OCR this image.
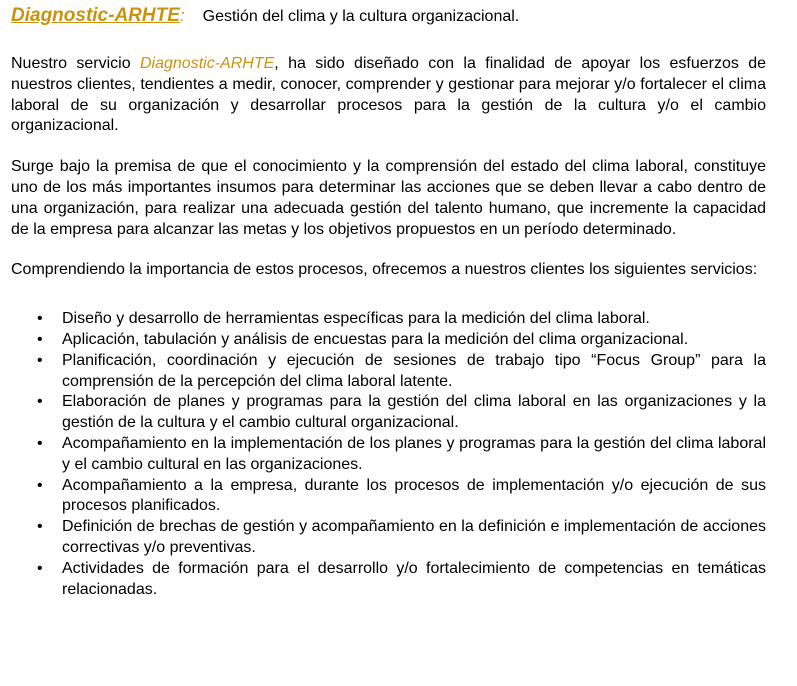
Diagnostic-ARHTE: Gestión del clima y la cultura organizacional.

Nuestro servicio Diagnostic-ARHTE, ha sido diseñado con la finalidad de apoyar los esfuerzos de nuestros clientes, tendientes a medir, conocer, comprender y gestionar para mejorar y/o fortalecer el clima laboral de su organización y desarrollar procesos para la gestión de la cultura y/o el cambio organizacional.

Surge bajo la premisa de que el conocimiento y la comprensión del estado del clima laboral, constituye uno de los más importantes insumos para determinar las acciones que se deben llevar a cabo dentro de una organización, para realizar una adecuada gestión del talento humano, que incremente la capacidad de la empresa para alcanzar las metas y los objetivos propuestos en un período determinado.

Comprendiendo la importancia de estos procesos, ofrecemos a nuestros clientes los siguientes servicios:

• Diseño y desarrollo de herramientas específicas para la medición del clima laboral.
• Aplicación, tabulación y análisis de encuestas para la medición del clima organizacional.
• Planificación, coordinación y ejecución de sesiones de trabajo tipo “Focus Group” para la comprensión de la percepción del clima laboral latente.
• Elaboración de planes y programas para la gestión del clima laboral en las organizaciones y la gestión de la cultura y el cambio cultural organizacional.
• Acompañamiento en la implementación de los planes y programas para la gestión del clima laboral y el cambio cultural en las organizaciones.
• Acompañamiento a la empresa, durante los procesos de implementación y/o ejecución de sus procesos planificados.
• Definición de brechas de gestión y acompañamiento en la definición e implementación de acciones correctivas y/o preventivas.
• Actividades de formación para el desarrollo y/o fortalecimiento de competencias en temáticas relacionadas.
